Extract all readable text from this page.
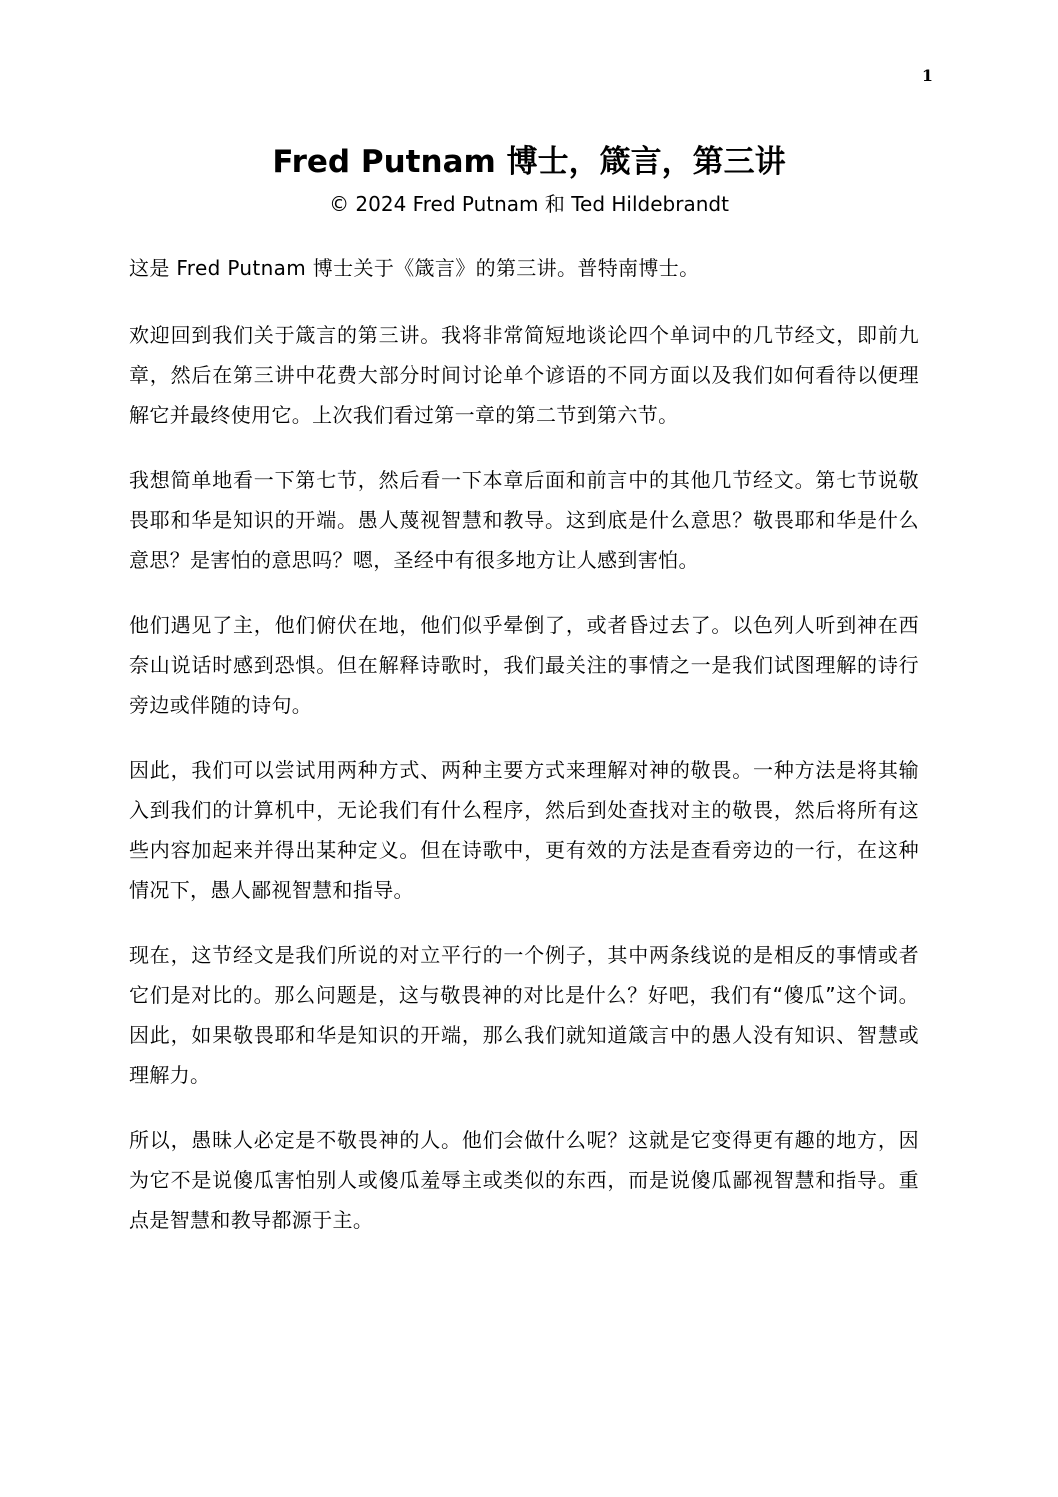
1
Fred Putnam 博士，箴言，第三讲

© 2024 Fred Putnam 和 Ted Hildebrandt

这是 Fred Putnam 博士关于《箴言》的第三讲。普特南博士。

欢迎回到我们关于箴言的第三讲。我将非常简短地谈论四个单词中的几节经文，即前九章，然后在第三讲中花费大部分时间讨论单个谚语的不同方面以及我们如何看待以便理解它并最终使用它。上次我们看过第一章的第二节到第六节。

我想简单地看一下第七节，然后看一下本章后面和前言中的其他几节经文。第七节说敬畏耶和华是知识的开端。愚人蔑视智慧和教导。这到底是什么意思？敬畏耶和华是什么意思？是害怕的意思吗？嗯，圣经中有很多地方让人感到害怕。

他们遇见了主，他们俯伏在地，他们似乎晕倒了，或者昏过去了。以色列人听到神在西奈山说话时感到恐惧。但在解释诗歌时，我们最关注的事情之一是我们试图理解的诗行旁边或伴随的诗句。

因此，我们可以尝试用两种方式、两种主要方式来理解对神的敬畏。一种方法是将其输入到我们的计算机中，无论我们有什么程序，然后到处查找对主的敬畏，然后将所有这些内容加起来并得出某种定义。但在诗歌中，更有效的方法是查看旁边的一行，在这种情况下，愚人鄙视智慧和指导。

现在，这节经文是我们所说的对立平行的一个例子，其中两条线说的是相反的事情或者它们是对比的。那么问题是，这与敬畏神的对比是什么？好吧，我们有“傻瓜”这个词。因此，如果敬畏耶和华是知识的开端，那么我们就知道箴言中的愚人没有知识、智慧或理解力。

所以，愚昧人必定是不敬畏神的人。他们会做什么呢？这就是它变得更有趣的地方，因为它不是说傻瓜害怕别人或傻瓜羞辱主或类似的东西，而是说傻瓜鄙视智慧和指导。重点是智慧和教导都源于主。
